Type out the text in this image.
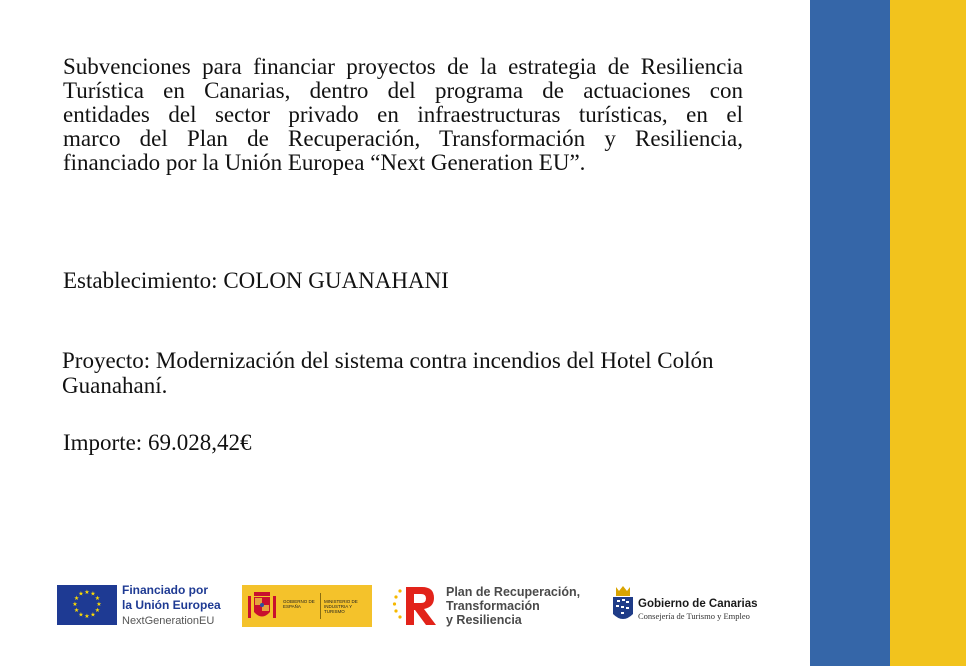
Subvenciones para financiar proyectos de la estrategia de Resiliencia
Turística en Canarias, dentro del programa de actuaciones con
entidades del sector privado en infraestructuras turísticas, en el
marco del Plan de Recuperación, Transformación y Resiliencia,
financiado por la Unión Europea “Next Generation EU”.

Establecimiento: COLON GUANAHANI

Proyecto: Modernización del sistema contra incendios del Hotel Colón
Guanahaní.

Importe: 69.028,42€

★ ★
★
★
★
★
★
★
★
★
★
★	Financiado por
la Unión Europea
NextGenerationEU
GOBIERNO DE ESPAÑA
MINISTERIO DE INDUSTRIA Y TURISMO
Plan de Recuperación,
Transformación
y Resiliencia
Gobierno de Canarias
Consejería de Turismo y Empleo
